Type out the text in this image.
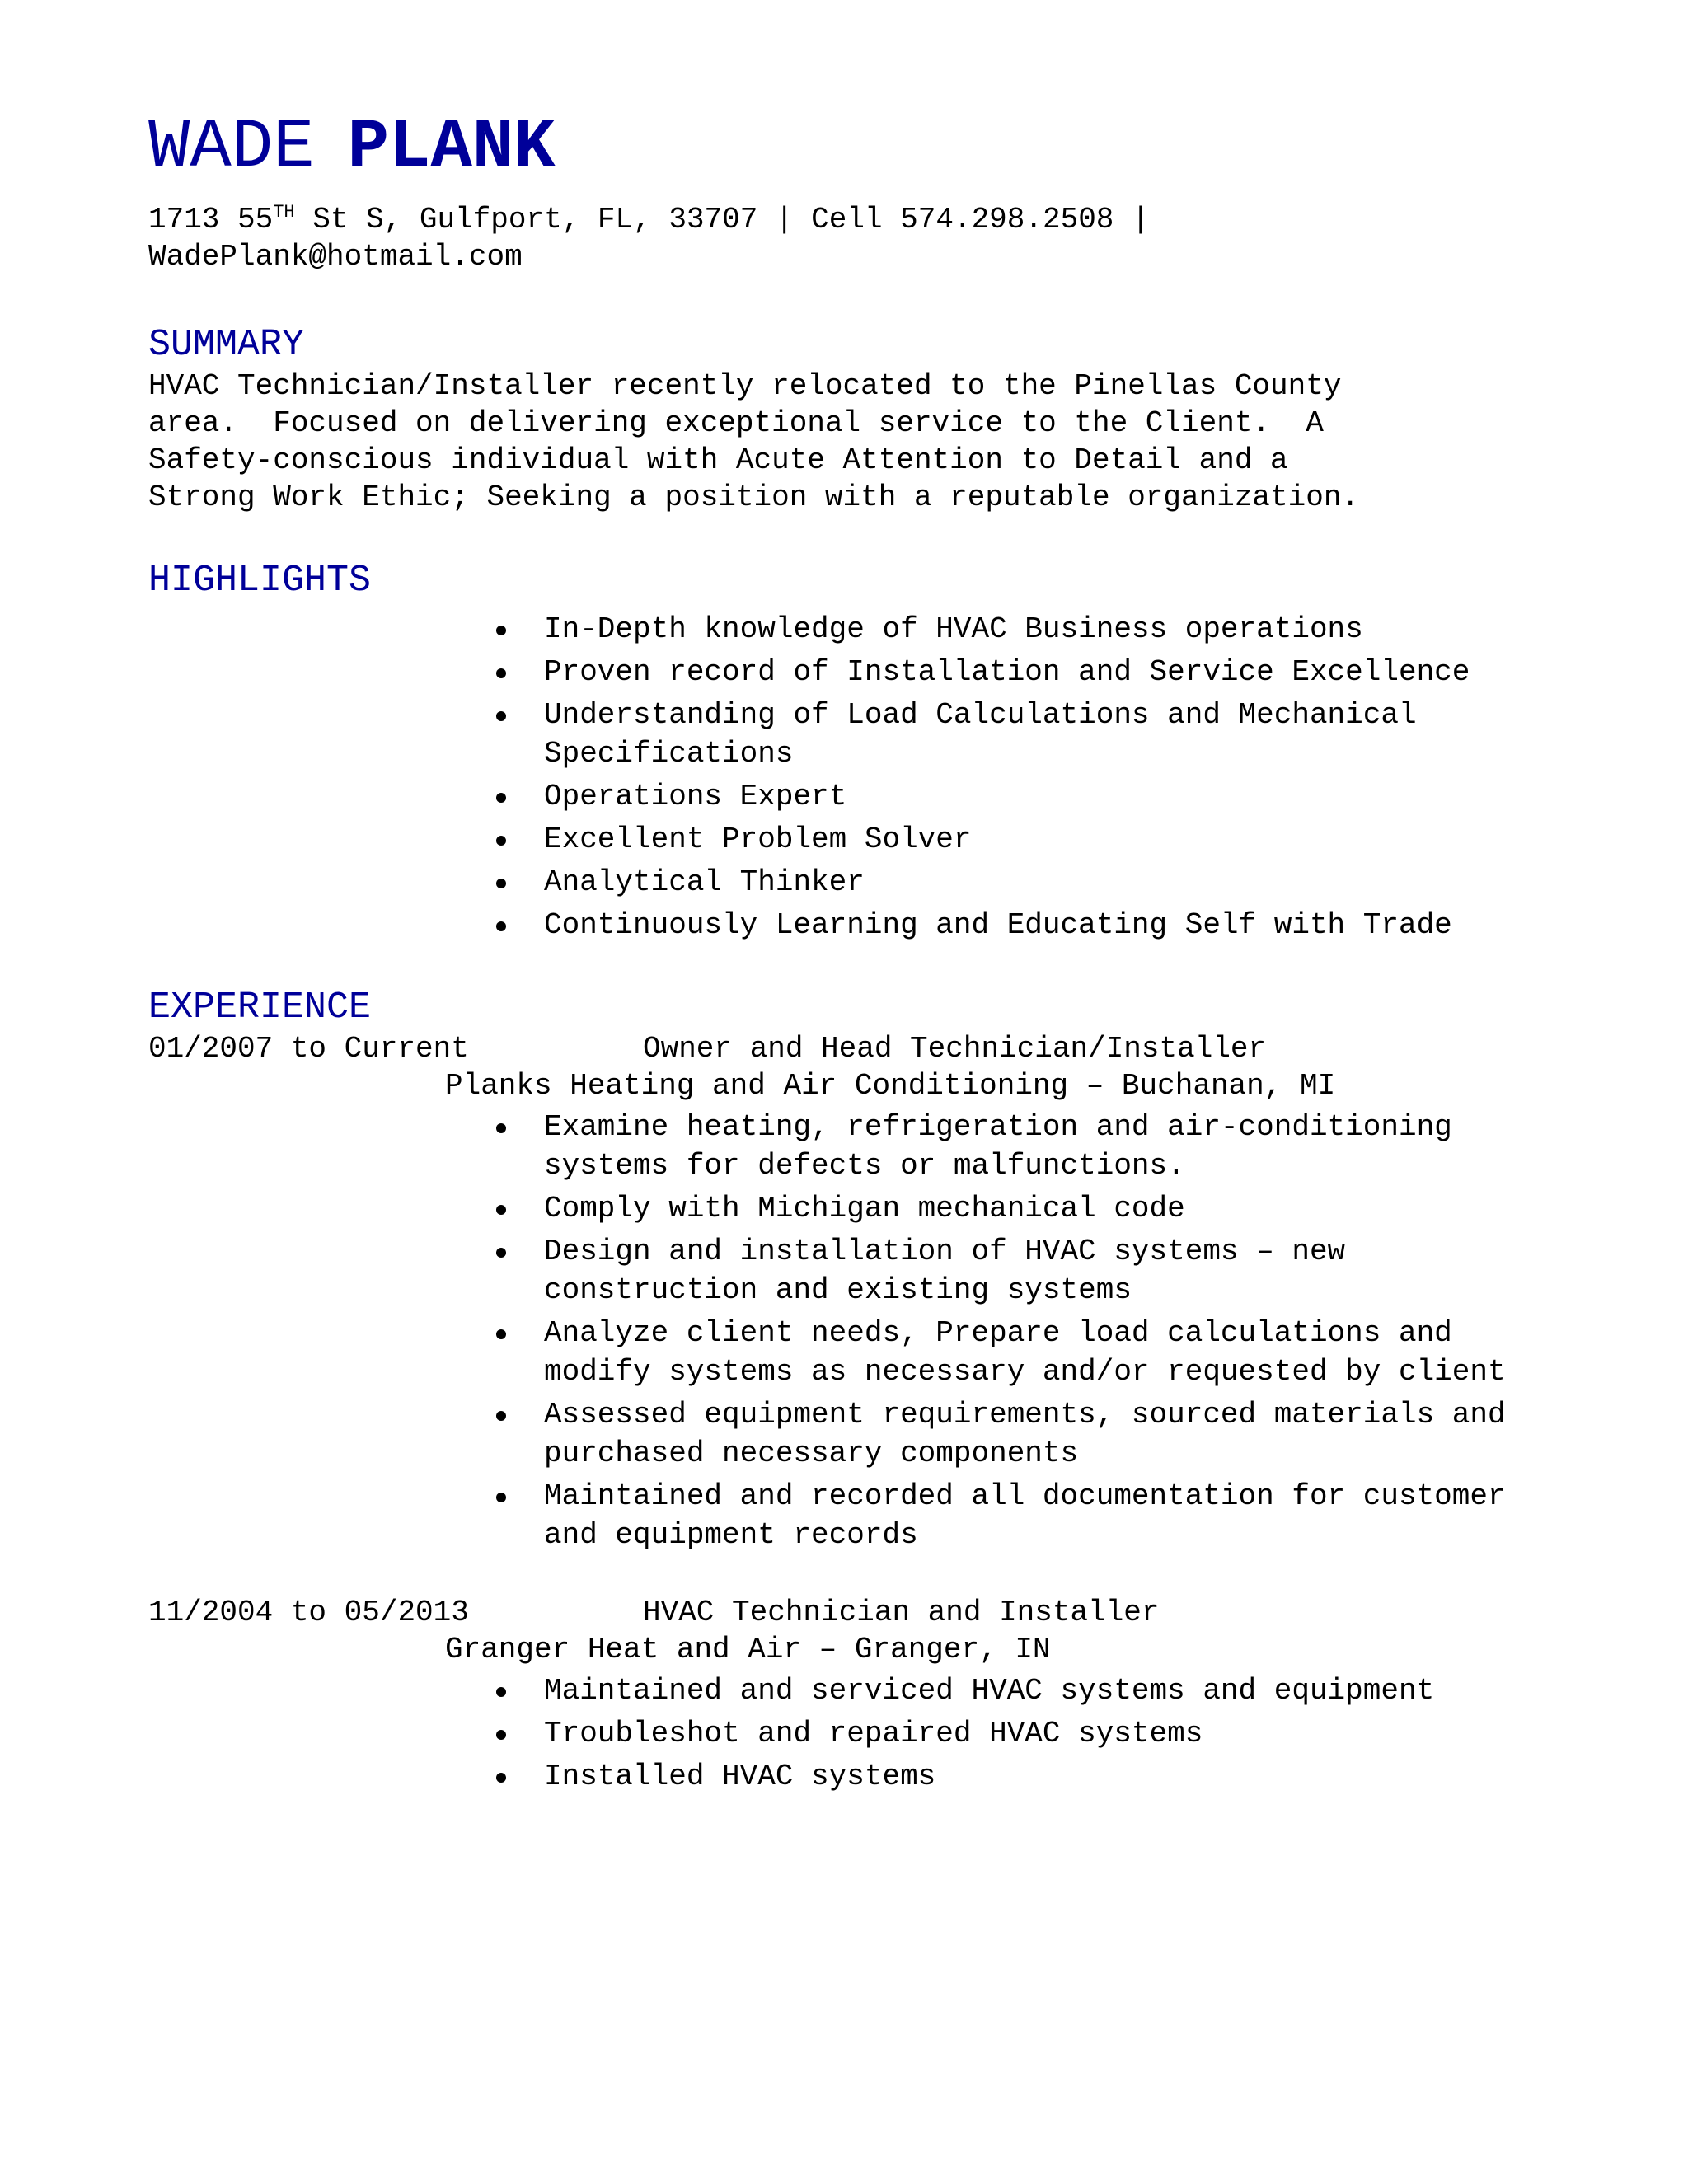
WADE PLANK
1713 55TH St S, Gulfport, FL, 33707 | Cell 574.298.2508 |
WadePlank@hotmail.com
SUMMARY

HVAC Technician/Installer recently relocated to the Pinellas County
area.  Focused on delivering exceptional service to the Client.  A
Safety-conscious individual with Acute Attention to Detail and a
Strong Work Ethic; Seeking a position with a reputable organization.

HIGHLIGHTS
In-Depth knowledge of HVAC Business operations
Proven record of Installation and Service Excellence
Understanding of Load Calculations and Mechanical Specifications
Operations Expert
Excellent Problem Solver
Analytical Thinker
Continuously Learning and Educating Self with Trade
EXPERIENCE
01/2007 to Current	Owner and Head Technician/Installer
Planks Heating and Air Conditioning – Buchanan, MI
Examine heating, refrigeration and air-conditioning systems for defects or malfunctions.
Comply with Michigan mechanical code
Design and installation of HVAC systems – new construction and existing systems
Analyze client needs, Prepare load calculations and modify systems as necessary and/or requested by client
Assessed equipment requirements, sourced materials and purchased necessary components
Maintained and recorded all documentation for customer and equipment records
11/2004 to 05/2013	HVAC Technician and Installer
Granger Heat and Air – Granger, IN
Maintained and serviced HVAC systems and equipment
Troubleshot and repaired HVAC systems
Installed HVAC systems
